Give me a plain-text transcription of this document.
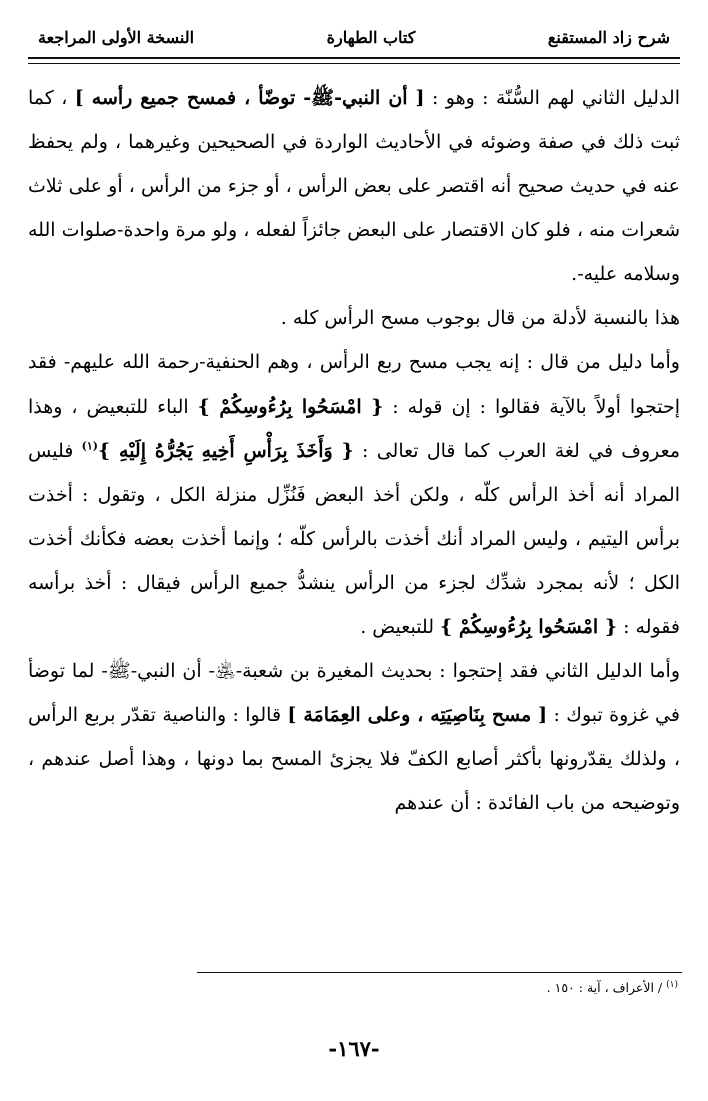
شرح زاد المستقنع
كتاب الطهارة
النسخة الأولى المراجعة
الدليل الثاني لهم السُّنّة : وهو : [ أن النبي-ﷺ- توضّأ ، فمسح جميع رأسه ] ، كما ثبت ذلك في صفة وضوئه في الأحاديث الواردة في الصحيحين وغيرهما ، ولم يحفظ عنه في حديث صحيح أنه اقتصر على بعض الرأس ، أو جزء من الرأس ، أو على ثلاث شعرات منه ، فلو كان الاقتصار على البعض جائزاً لفعله ، ولو مرة واحدة-صلوات الله وسلامه عليه-.
هذا بالنسبة لأدلة من قال بوجوب مسح الرأس كله .
وأما دليل من قال : إنه يجب مسح ربع الرأس ، وهم الحنفية-رحمة الله عليهم- فقد إحتجوا أولاً بالآية فقالوا : إن قوله : { امْسَحُوا بِرُءُوسِكُمْ } الباء للتبعيض ، وهذا معروف في لغة العرب كما قال تعالى : { وَأَخَذَ بِرَأْسِ أَخِيهِ يَجُرُّهُ إِلَيْهِ }$^{(١)}$ فليس المراد أنه أخذ الرأس كلّه ، ولكن أخذ البعض فَنُزِّل منزلة الكل ، وتقول : أخذت برأس اليتيم ، وليس المراد أنك أخذت بالرأس كلّه ؛ وإنما أخذت بعضه فكأنك أخذت الكل ؛ لأنه بمجرد شدِّك لجزء من الرأس ينشدُّ جميع الرأس فيقال : أخذ برأسه فقوله : { امْسَحُوا بِرُءُوسِكُمْ } للتبعيض .
وأما الدليل الثاني فقد إحتجوا : بحديث المغيرة بن شعبة-﵁- أن النبي-ﷺ- لما توضأ في غزوة تبوك : [ مسح بِنَاصِيَتِه ، وعلى العِمَامَة ] قالوا : والناصية تقدّر بربع الرأس ، ولذلك يقدّرونها بأكثر أصابع الكفّ فلا يجزئ المسح بما دونها ، وهذا أصل عندهم ، وتوضيحه من باب الفائدة : أن عندهم
$^{(١)}$ / الأعراف ، آية : ١٥٠ .
-١٦٧-
